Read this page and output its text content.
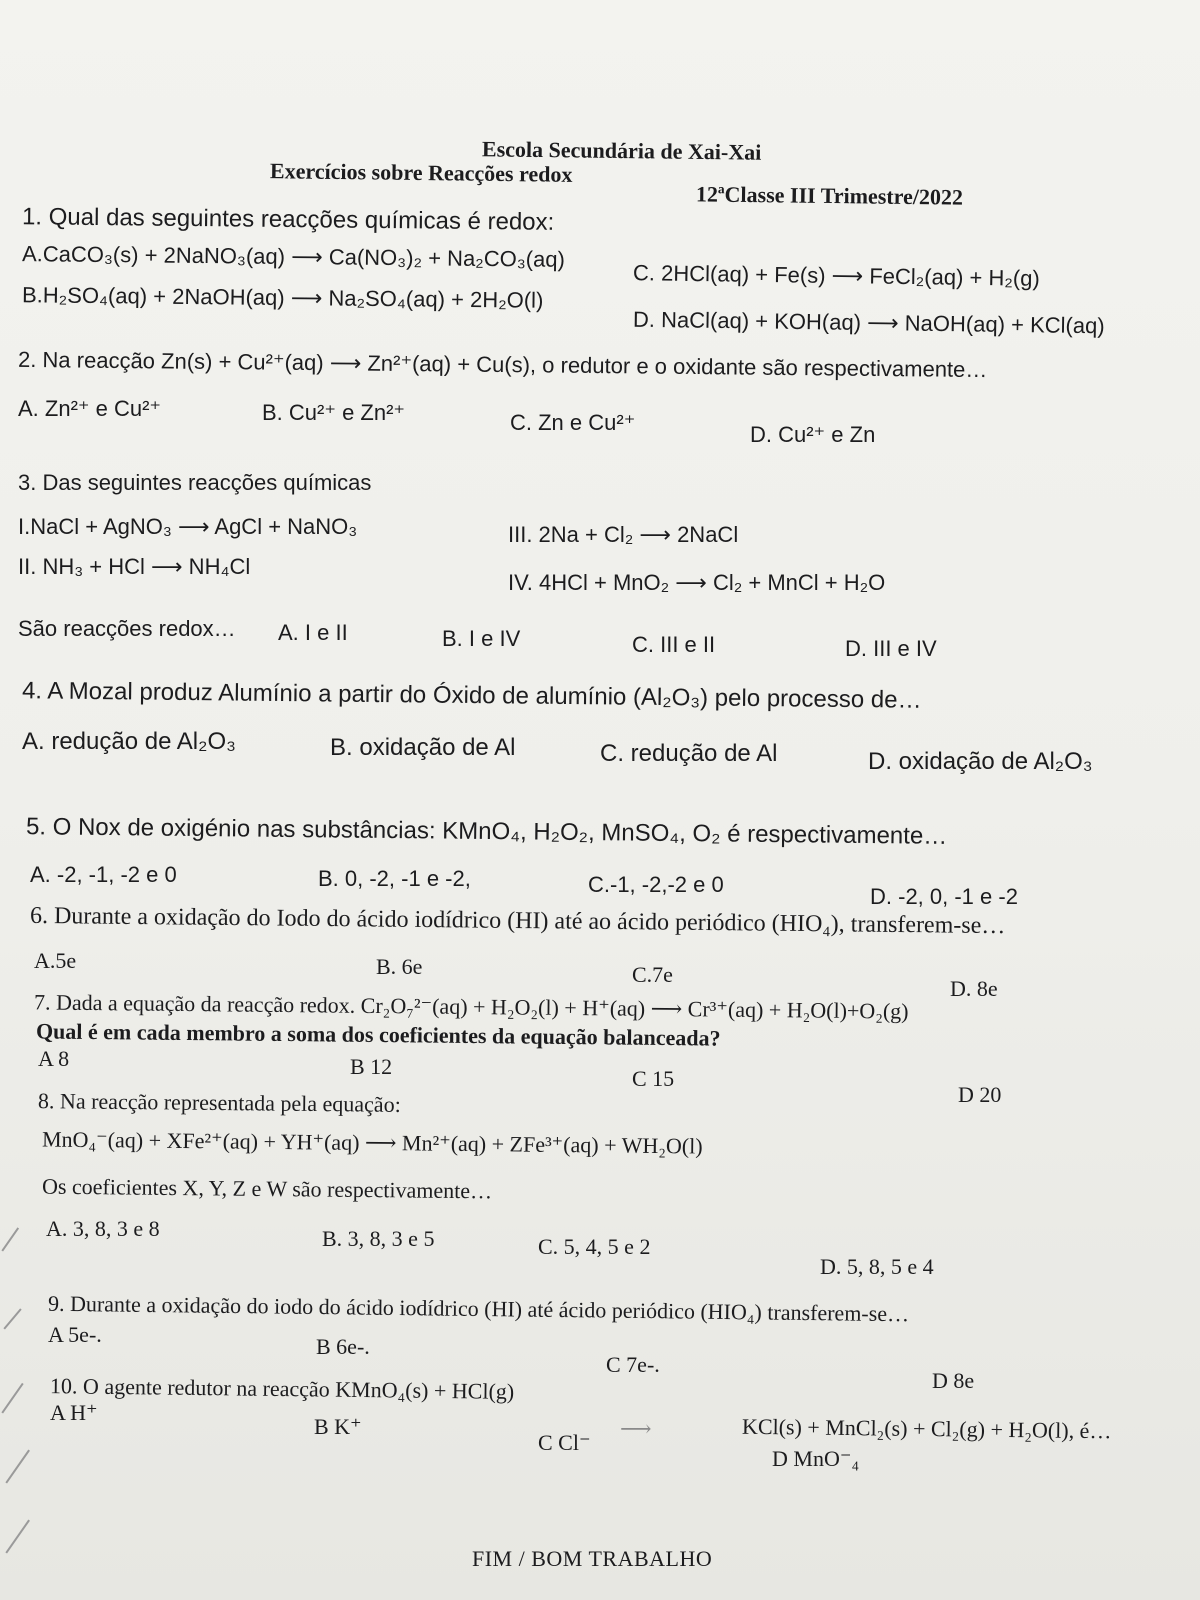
Escola Secundária de Xai-Xai
Exercícios sobre Reacções redox
12ªClasse III Trimestre/2022
1. Qual das seguintes reacções químicas é redox:
A.CaCO₃(s) + 2NaNO₃(aq) ⟶ Ca(NO₃)₂ + Na₂CO₃(aq)
B.H₂SO₄(aq) + 2NaOH(aq) ⟶ Na₂SO₄(aq) + 2H₂O(l)
C. 2HCl(aq) + Fe(s) ⟶ FeCl₂(aq) + H₂(g)
D. NaCl(aq) + KOH(aq) ⟶ NaOH(aq) + KCl(aq)
2. Na reacção Zn(s) + Cu²⁺(aq) ⟶ Zn²⁺(aq) + Cu(s), o redutor e o oxidante são respectivamente…
A. Zn²⁺ e Cu²⁺	B. Cu²⁺ e Zn²⁺	C. Zn e Cu²⁺	D. Cu²⁺ e Zn
3. Das seguintes reacções químicas
I.NaCl + AgNO₃ ⟶ AgCl + NaNO₃
II. NH₃ + HCl ⟶ NH₄Cl
III. 2Na + Cl₂ ⟶ 2NaCl
IV. 4HCl + MnO₂ ⟶ Cl₂ + MnCl + H₂O
São reacções redox… A. I e II	B. I e IV	C. III e II	D. III e IV
4. A Mozal produz Alumínio a partir do Óxido de alumínio (Al₂O₃) pelo processo de…
A. redução de Al₂O₃	B. oxidação de Al	C. redução de Al	D. oxidação de Al₂O₃
5. O Nox de oxigénio nas substâncias: KMnO₄, H₂O₂, MnSO₄, O₂ é respectivamente…
A. -2, -1, -2 e 0	B. 0, -2, -1 e -2,	C.-1, -2,-2 e 0	D. -2, 0, -1 e -2
6. Durante a oxidação do Iodo do ácido iodídrico (HI) até ao ácido periódico (HIO₄), transferem-se…
A.5e	B. 6e	C.7e
D. 8e
7. Dada a equação da reacção redox. Cr₂O₇²⁻(aq) + H₂O₂(l) + H⁺(aq) ⟶ Cr³⁺(aq) + H₂O(l)+O₂(g)
Qual é em cada membro a soma dos coeficientes da equação balanceada?
A 8	B 12	C 15
D 20
8. Na reacção representada pela equação:
MnO₄⁻(aq) + XFe²⁺(aq) + YH⁺(aq) ⟶ Mn²⁺(aq) + ZFe³⁺(aq) + WH₂O(l)
Os coeficientes X, Y, Z e W são respectivamente…
A. 3, 8, 3 e 8	B. 3, 8, 3 e 5	C. 5, 4, 5 e 2
D. 5, 8, 5 e 4
9. Durante a oxidação do iodo do ácido iodídrico (HI) até ácido periódico (HIO₄) transferem-se…
A 5e-.	B 6e-.
C 7e-.
D 8e
10. O agente redutor na reacção KMnO₄(s) + HCl(g)
A H⁺
B K⁺	⟶
C Cl⁻	KCl(s) + MnCl₂(s) + Cl₂(g) + H₂O(l), é…
D MnO⁻₄
FIM / BOM TRABALHO
